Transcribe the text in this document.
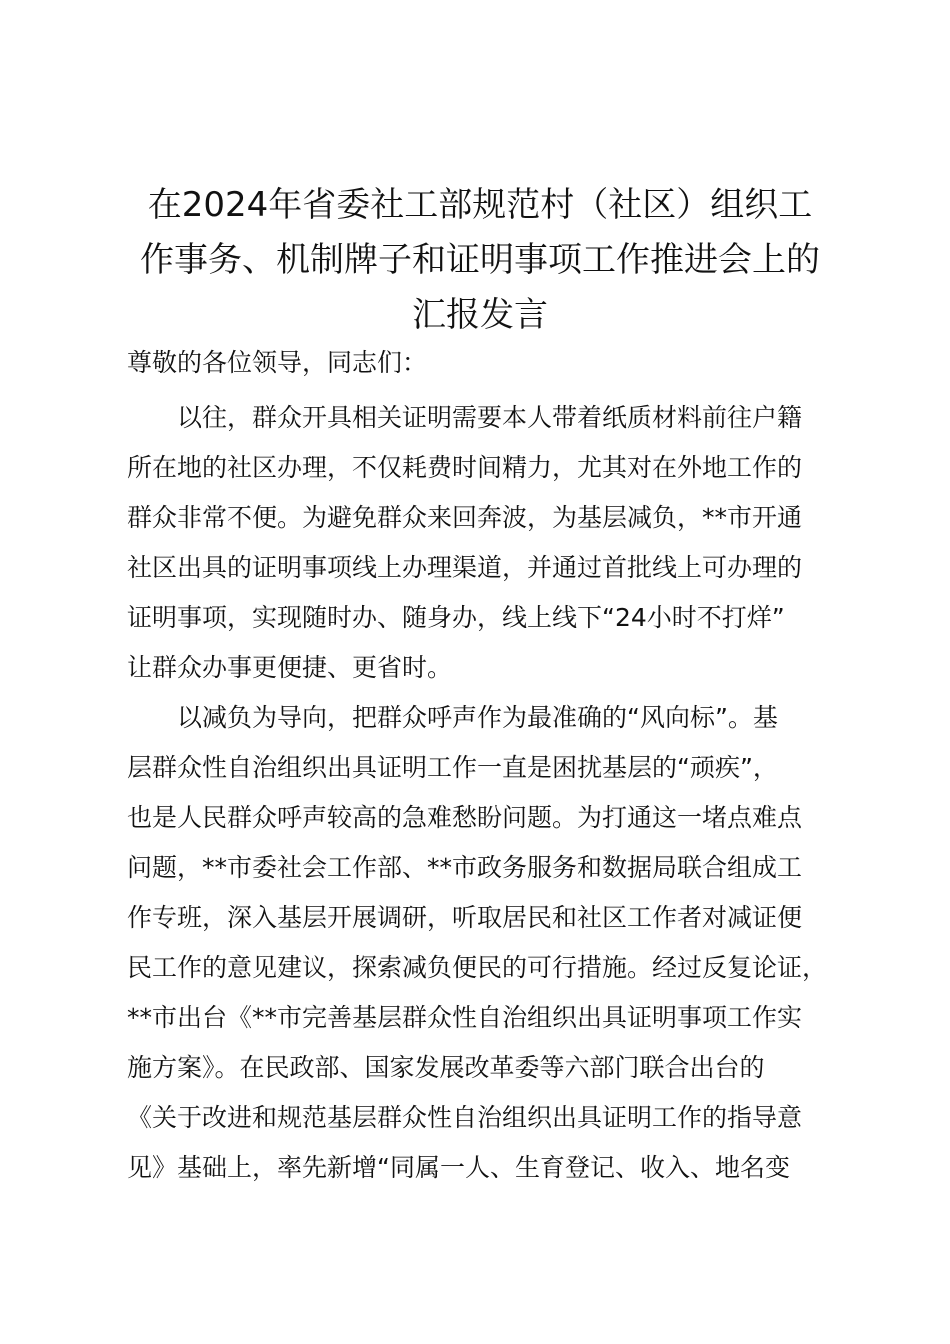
在2024年省委社工部规范村（社区）组织工
作事务、机制牌子和证明事项工作推进会上的
汇报发言

尊敬的各位领导，同志们：

以往，群众开具相关证明需要本人带着纸质材料前往户籍
所在地的社区办理，不仅耗费时间精力，尤其对在外地工作的
群众非常不便。为避免群众来回奔波，为基层减负，**市开通
社区出具的证明事项线上办理渠道，并通过首批线上可办理的
证明事项，实现随时办、随身办，线上线下“24小时不打烊”
让群众办事更便捷、更省时。

以减负为导向，把群众呼声作为最准确的“风向标”。基
层群众性自治组织出具证明工作一直是困扰基层的“顽疾”，
也是人民群众呼声较高的急难愁盼问题。为打通这一堵点难点
问题，**市委社会工作部、**市政务服务和数据局联合组成工
作专班，深入基层开展调研，听取居民和社区工作者对减证便
民工作的意见建议，探索减负便民的可行措施。经过反复论证，
**市出台《**市完善基层群众性自治组织出具证明事项工作实
施方案》。在民政部、国家发展改革委等六部门联合出台的
《关于改进和规范基层群众性自治组织出具证明工作的指导意
见》基础上，率先新增“同属一人、生育登记、收入、地名变
